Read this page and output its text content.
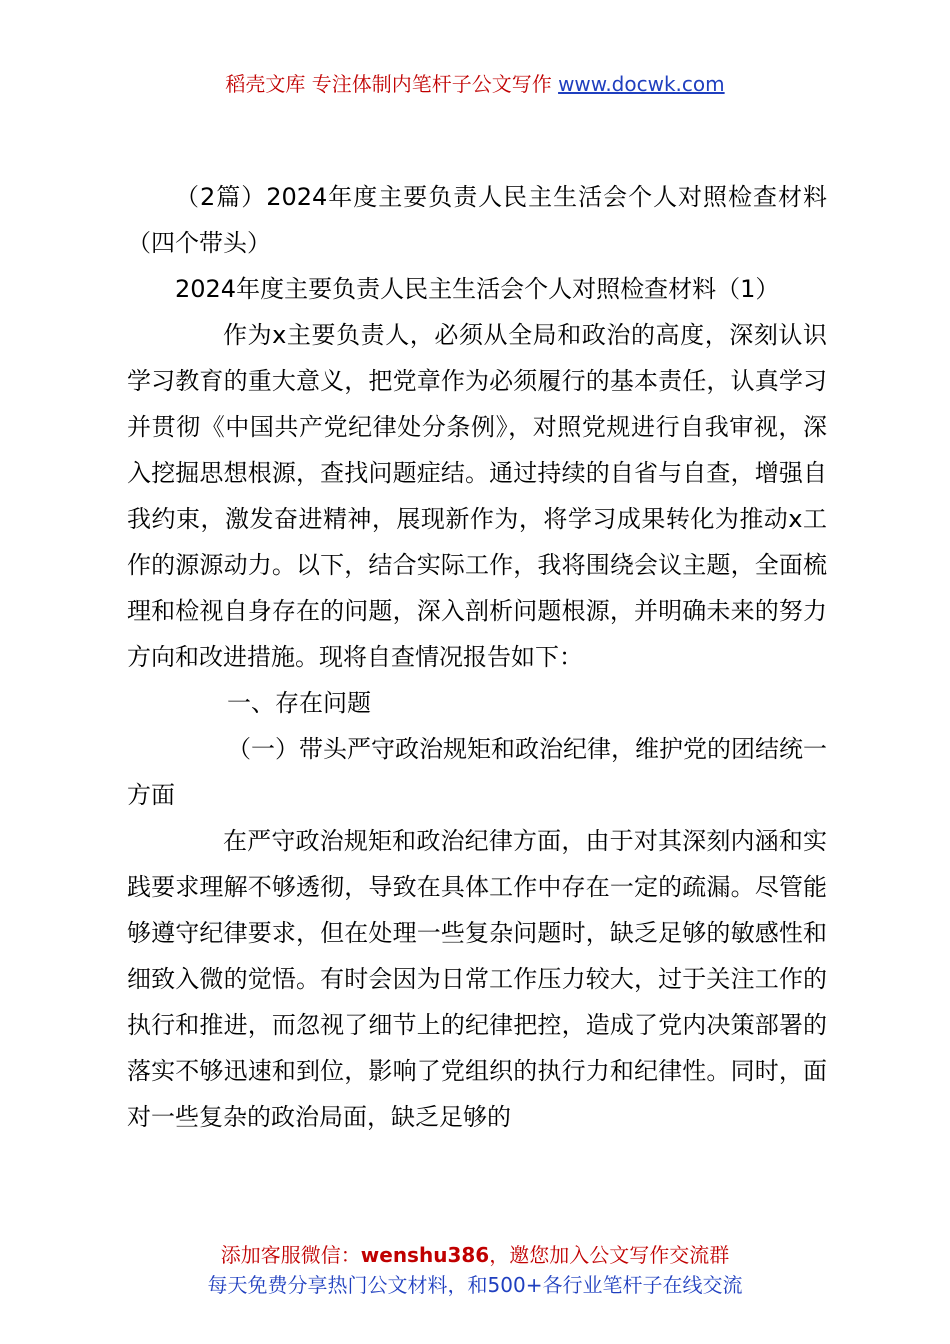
稻壳文库 专注体制内笔杆子公文写作 www.docwk.com

（2篇）2024年度主要负责人民主生活会个人对照检查材料（四个带头）

2024年度主要负责人民主生活会个人对照检查材料（1）

作为x主要负责人，必须从全局和政治的高度，深刻认识学习教育的重大意义，把党章作为必须履行的基本责任，认真学习并贯彻《中国共产党纪律处分条例》，对照党规进行自我审视，深入挖掘思想根源，查找问题症结。通过持续的自省与自查，增强自我约束，激发奋进精神，展现新作为，将学习成果转化为推动x工作的源源动力。以下，结合实际工作，我将围绕会议主题，全面梳理和检视自身存在的问题，深入剖析问题根源，并明确未来的努力方向和改进措施。现将自查情况报告如下：

一、存在问题

（一）带头严守政治规矩和政治纪律，维护党的团结统一方面

在严守政治规矩和政治纪律方面，由于对其深刻内涵和实践要求理解不够透彻，导致在具体工作中存在一定的疏漏。尽管能够遵守纪律要求，但在处理一些复杂问题时，缺乏足够的敏感性和细致入微的觉悟。有时会因为日常工作压力较大，过于关注工作的执行和推进，而忽视了细节上的纪律把控，造成了党内决策部署的落实不够迅速和到位，影响了党组织的执行力和纪律性。同时，面对一些复杂的政治局面，缺乏足够的

添加客服微信：wenshu386，邀您加入公文写作交流群
每天免费分享热门公文材料，和500+各行业笔杆子在线交流
